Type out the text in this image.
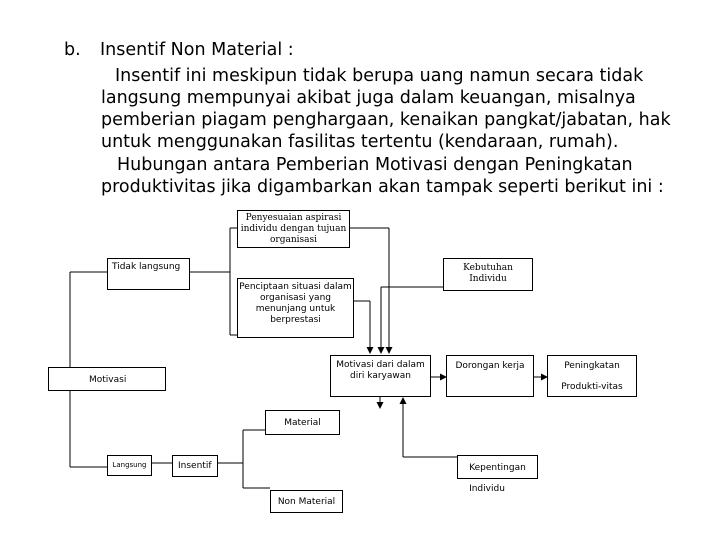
b. Insentif Non Material :
Insentif ini meskipun tidak berupa uang namun secara tidak
langsung mempunyai akibat juga dalam keuangan, misalnya
pemberian piagam penghargaan, kenaikan pangkat/jabatan, hak
untuk menggunakan fasilitas tertentu (kendaraan, rumah).
Hubungan antara Pemberian Motivasi dengan Peningkatan
produktivitas jika digambarkan akan tampak seperti berikut ini :
Penyesuaian aspirasi
individu dengan tujuan
organisasi
Tidak langsung	Kebutuhan
Individu
Penciptaan situasi dalam
organisasi yang
menunjang untuk
berprestasi
Motivasi dari dalam
diri karyawan
Dorongan kerja	Peningkatan
Produkti-vitas
Motivasi
Material
Langsung	Insentif	Kepentingan
Individu
Non Material
